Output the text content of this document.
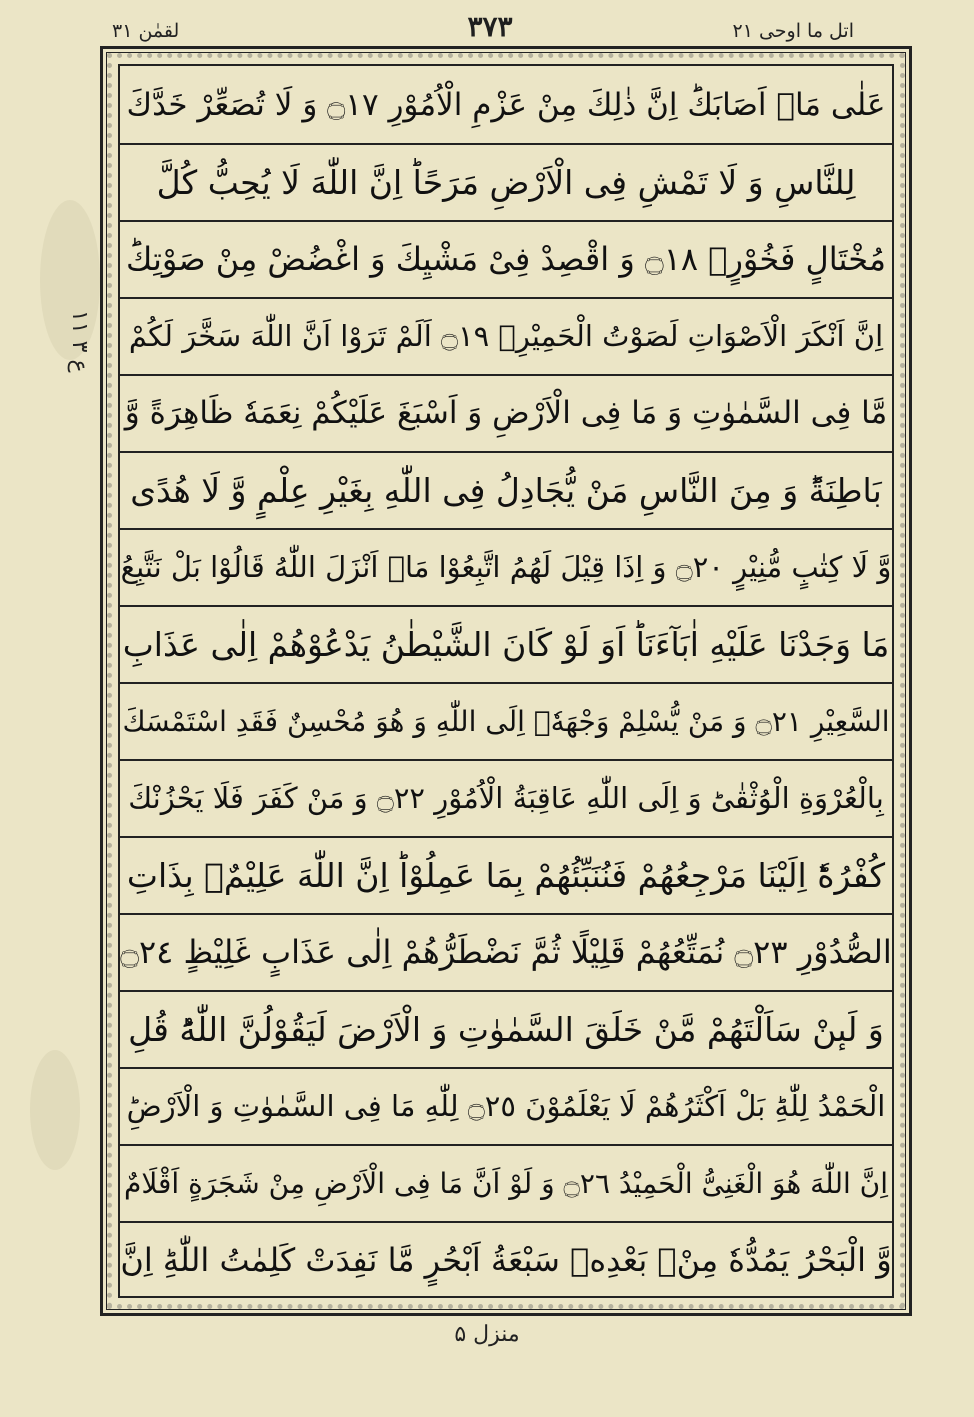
لقمٰن ۳۱	۳۷۳	اتل ما اوحی ۲۱
ع ۳ ۱۱
عَلٰى مَاۤ اَصَابَكَؕ اِنَّ ذٰلِكَ مِنْ عَزْمِ الْاُمُوْرِ ۝١٧ وَ لَا تُصَعِّرْ خَدَّكَ
لِلنَّاسِ وَ لَا تَمْشِ فِی الْاَرْضِ مَرَحًاؕ اِنَّ اللّٰهَ لَا یُحِبُّ كُلَّ
مُخْتَالٍ فَخُوْرٍۚ ۝١٨ وَ اقْصِدْ فِیْ مَشْیِكَ وَ اغْضُضْ مِنْ صَوْتِكَؕ
اِنَّ اَنْكَرَ الْاَصْوَاتِ لَصَوْتُ الْحَمِیْرِ۠ ۝١٩ اَلَمْ تَرَوْا اَنَّ اللّٰهَ سَخَّرَ لَكُمْ
مَّا فِی السَّمٰوٰتِ وَ مَا فِی الْاَرْضِ وَ اَسْبَغَ عَلَیْكُمْ نِعَمَهٗ ظَاهِرَةً وَّ
بَاطِنَةًؕ وَ مِنَ النَّاسِ مَنْ یُّجَادِلُ فِی اللّٰهِ بِغَیْرِ عِلْمٍ وَّ لَا هُدًى
وَّ لَا كِتٰبٍ مُّنِیْرٍ ۝٢٠ وَ اِذَا قِیْلَ لَهُمُ اتَّبِعُوْا مَاۤ اَنْزَلَ اللّٰهُ قَالُوْا بَلْ نَتَّبِعُ
مَا وَجَدْنَا عَلَیْهِ اٰبَآءَنَاؕ اَوَ لَوْ كَانَ الشَّیْطٰنُ یَدْعُوْهُمْ اِلٰى عَذَابِ
السَّعِیْرِ ۝٢١ وَ مَنْ یُّسْلِمْ وَجْهَهٗۤ اِلَى اللّٰهِ وَ هُوَ مُحْسِنٌ فَقَدِ اسْتَمْسَكَ
بِالْعُرْوَةِ الْوُثْقٰىؕ وَ اِلَى اللّٰهِ عَاقِبَةُ الْاُمُوْرِ ۝٢٢ وَ مَنْ كَفَرَ فَلَا یَحْزُنْكَ
كُفْرُهٗؕ اِلَیْنَا مَرْجِعُهُمْ فَنُنَبِّئُهُمْ بِمَا عَمِلُوْاؕ اِنَّ اللّٰهَ عَلِیْمٌۢ بِذَاتِ
الصُّدُوْرِ ۝٢٣ نُمَتِّعُهُمْ قَلِیْلًا ثُمَّ نَضْطَرُّهُمْ اِلٰى عَذَابٍ غَلِیْظٍ ۝٢٤
وَ لَىٕنْ سَاَلْتَهُمْ مَّنْ خَلَقَ السَّمٰوٰتِ وَ الْاَرْضَ لَیَقُوْلُنَّ اللّٰهُؕ قُلِ
الْحَمْدُ لِلّٰهِؕ بَلْ اَكْثَرُهُمْ لَا یَعْلَمُوْنَ ۝٢٥ لِلّٰهِ مَا فِی السَّمٰوٰتِ وَ الْاَرْضِؕ
اِنَّ اللّٰهَ هُوَ الْغَنِیُّ الْحَمِیْدُ ۝٢٦ وَ لَوْ اَنَّ مَا فِی الْاَرْضِ مِنْ شَجَرَةٍ اَقْلَامٌ
وَّ الْبَحْرُ یَمُدُّهٗ مِنْۢ بَعْدِهٖ سَبْعَةُ اَبْحُرٍ مَّا نَفِدَتْ كَلِمٰتُ اللّٰهِؕ اِنَّ
منزل ۵
